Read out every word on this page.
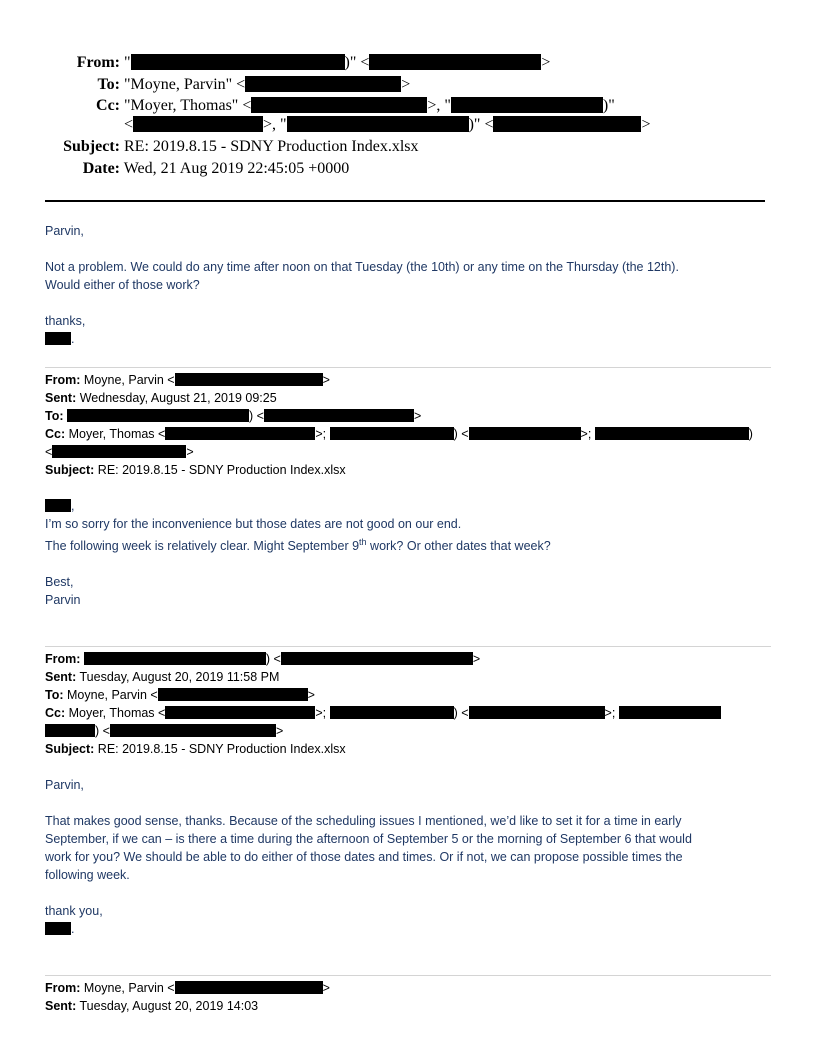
From: "	)" <	>
To: "Moyne, Parvin" <	>
Cc: "Moyer, Thomas" <	>, "	)"
<	>, "	)" <	>
Subject: RE: 2019.8.15 - SDNY Production Index.xlsx
Date: Wed, 21 Aug 2019 22:45:05 +0000
Parvin,
Not a problem. We could do any time after noon on that Tuesday (the 10th) or any time on the Thursday (the 12th).
Would either of those work?
thanks,
.
From: Moyne, Parvin <	>
Sent: Wednesday, August 21, 2019 09:25
To:	) <	>
Cc: Moyer, Thomas <	>;	) <	>;	)
<	>
Subject: RE: 2019.8.15 - SDNY Production Index.xlsx
,
I’m so sorry for the inconvenience but those dates are not good on our end.
The following week is relatively clear. Might September 9th work? Or other dates that week?
Best,
Parvin
From:	) <	>
Sent: Tuesday, August 20, 2019 11:58 PM
To: Moyne, Parvin <	>
Cc: Moyer, Thomas <	>;	) <	>;
) <	>
Subject: RE: 2019.8.15 - SDNY Production Index.xlsx
Parvin,
That makes good sense, thanks. Because of the scheduling issues I mentioned, we’d like to set it for a time in early
September, if we can – is there a time during the afternoon of September 5 or the morning of September 6 that would
work for you? We should be able to do either of those dates and times. Or if not, we can propose possible times the
following week.
thank you,
.
From: Moyne, Parvin <	>
Sent: Tuesday, August 20, 2019 14:03
